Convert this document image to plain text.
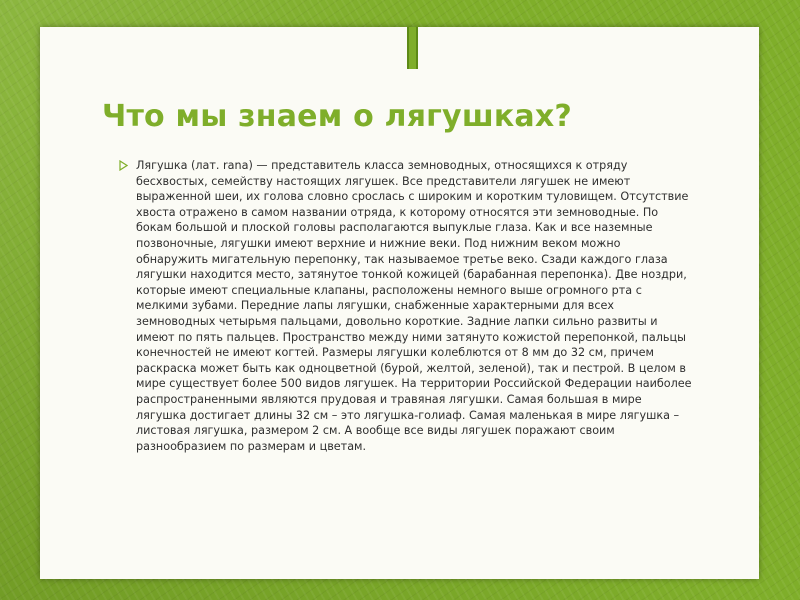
Что мы знаем о лягушках?

Лягушка (лат. rana) — представитель класса земноводных, относящихся к отряду бесхвостых, семейству настоящих лягушек. Все представители лягушек не имеют выраженной шеи, их голова словно срослась с широким и коротким туловищем. Отсутствие хвоста отражено в самом названии отряда, к которому относятся эти земноводные. По бокам большой и плоской головы располагаются выпуклые глаза. Как и все наземные позвоночные, лягушки имеют верхние и нижние веки. Под нижним веком можно обнаружить мигательную перепонку, так называемое третье веко. Сзади каждого глаза лягушки находится место, затянутое тонкой кожицей (барабанная перепонка). Две ноздри, которые имеют специальные клапаны, расположены немного выше огромного рта с мелкими зубами. Передние лапы лягушки, снабженные характерными для всех земноводных четырьмя пальцами, довольно короткие. Задние лапки сильно развиты и имеют по пять пальцев. Пространство между ними затянуто кожистой перепонкой, пальцы конечностей не имеют когтей. Размеры лягушки колеблются от 8 мм до 32 см, причем раскраска может быть как одноцветной (бурой, желтой, зеленой), так и пестрой. В целом в мире существует более 500 видов лягушек. На территории Российской Федерации наиболее распространенными являются прудовая и травяная лягушки. Самая большая в мире лягушка достигает длины 32 см – это лягушка-голиаф. Самая маленькая в мире лягушка – листовая лягушка, размером 2 см. А вообще все виды лягушек поражают своим разнообразием по размерам и цветам.
